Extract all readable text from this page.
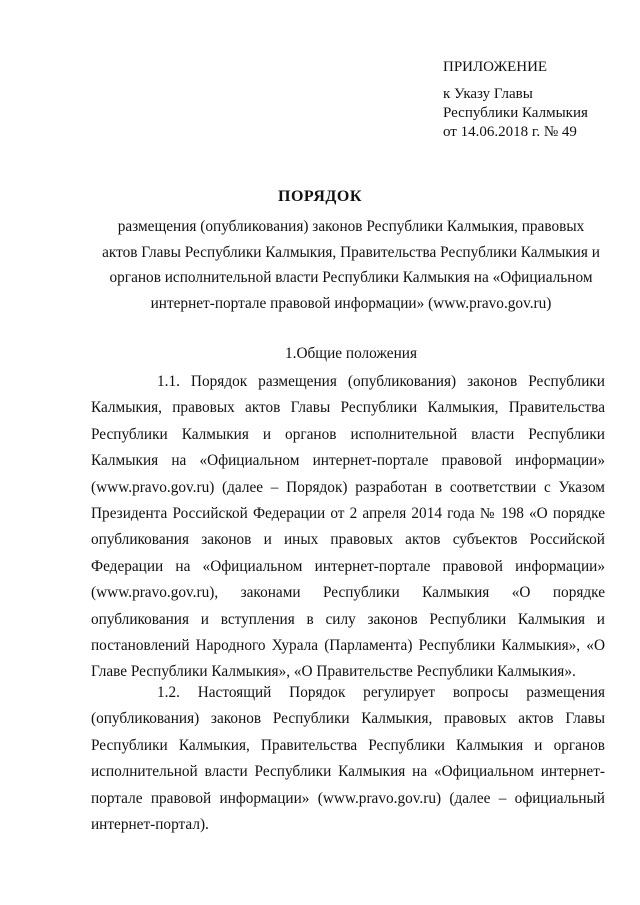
ПРИЛОЖЕНИЕ
к Указу Главы
Республики Калмыкия
от 14.06.2018 г. № 49
ПОРЯДОК
размещения (опубликования) законов Республики Калмыкия, правовых
актов Главы Республики Калмыкия, Правительства Республики Калмыкия и
органов исполнительной власти Республики Калмыкия на «Официальном
интернет-портале правовой информации» (www.pravo.gov.ru)
1.Общие положения
1.1. Порядок размещения (опубликования) законов Республики
Калмыкия, правовых актов Главы Республики Калмыкия, Правительства
Республики Калмыкия и органов исполнительной власти Республики
Калмыкия на «Официальном интернет-портале правовой информации»
(www.pravo.gov.ru) (далее – Порядок) разработан в соответствии с Указом
Президента Российской Федерации от 2 апреля 2014 года № 198 «О порядке
опубликования законов и иных правовых актов субъектов Российской
Федерации на «Официальном интернет-портале правовой информации»
(www.pravo.gov.ru), законами Республики Калмыкия «О порядке
опубликования и вступления в силу законов Республики Калмыкия и
постановлений Народного Хурала (Парламента) Республики Калмыкия», «О
Главе Республики Калмыкия», «О Правительстве Республики Калмыкия».
1.2. Настоящий Порядок регулирует вопросы размещения
(опубликования) законов Республики Калмыкия, правовых актов Главы
Республики Калмыкия, Правительства Республики Калмыкия и органов
исполнительной власти Республики Калмыкия на «Официальном интернет-
портале правовой информации» (www.pravo.gov.ru) (далее – официальный
интернет-портал).
